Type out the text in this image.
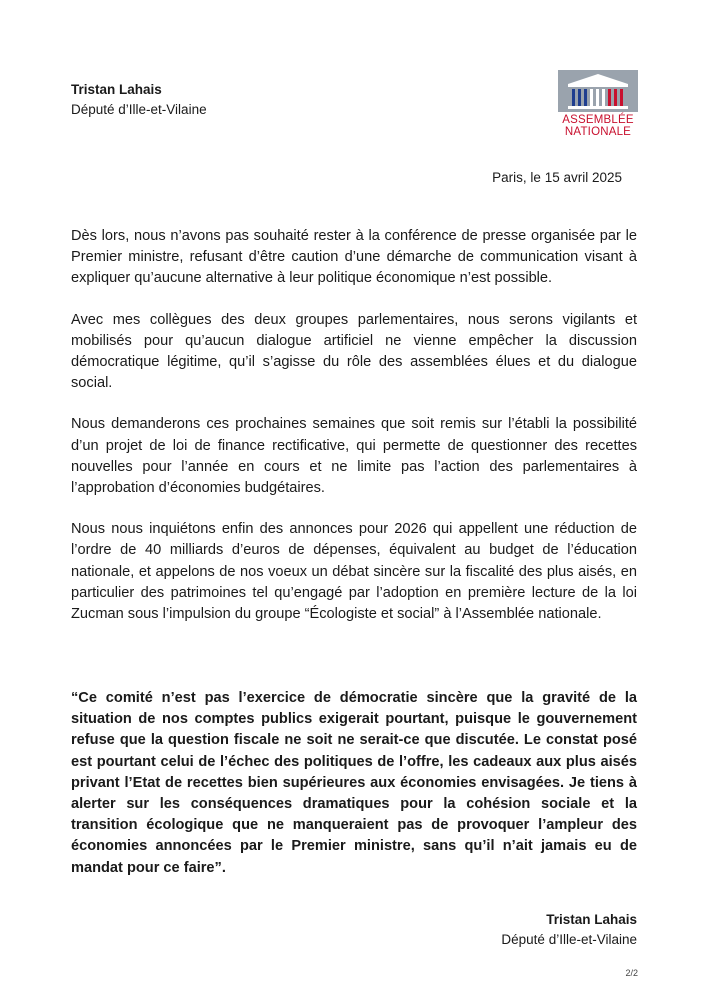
Tristan Lahais
Député d’Ille-et-Vilaine
ASSEMBLÉE
NATIONALE
Paris, le 15 avril 2025

Dès lors, nous n’avons pas souhaité rester à la conférence de presse organisée par le Premier ministre, refusant d’être caution d’une démarche de communication visant à expliquer qu’aucune alternative à leur politique économique n’est possible.

Avec mes collègues des deux groupes parlementaires, nous serons vigilants et mobilisés pour qu’aucun dialogue artificiel ne vienne empêcher la discussion démocratique légitime, qu’il s’agisse du rôle des assemblées élues et du dialogue social.

Nous demanderons ces prochaines semaines que soit remis sur l’établi la possibilité d’un projet de loi de finance rectificative, qui permette de questionner des recettes nouvelles pour l’année en cours et ne limite pas l’action des parlementaires à l’approbation d’économies budgétaires.

Nous nous inquiétons enfin des annonces pour 2026 qui appellent une réduction de l’ordre de 40 milliards d’euros de dépenses, équivalent au budget de l’éducation nationale, et appelons de nos voeux un débat sincère sur la fiscalité des plus aisés, en particulier des patrimoines tel qu’engagé par l’adoption en première lecture de la loi Zucman sous l’impulsion du groupe “Écologiste et social” à l’Assemblée nationale.

“Ce comité n’est pas l’exercice de démocratie sincère que la gravité de la situation de nos comptes publics exigerait pourtant, puisque le gouvernement refuse que la question fiscale ne soit ne serait-ce que discutée. Le constat posé est pourtant celui de l’échec des politiques de l’offre, les cadeaux aux plus aisés privant l’Etat de recettes bien supérieures aux économies envisagées. Je tiens à alerter sur les conséquences dramatiques pour la cohésion sociale et la transition écologique que ne manqueraient pas de provoquer l’ampleur des économies annoncées par le Premier ministre, sans qu’il n’ait jamais eu de mandat pour ce faire”.
Tristan Lahais
Député d’Ille-et-Vilaine
2/2
